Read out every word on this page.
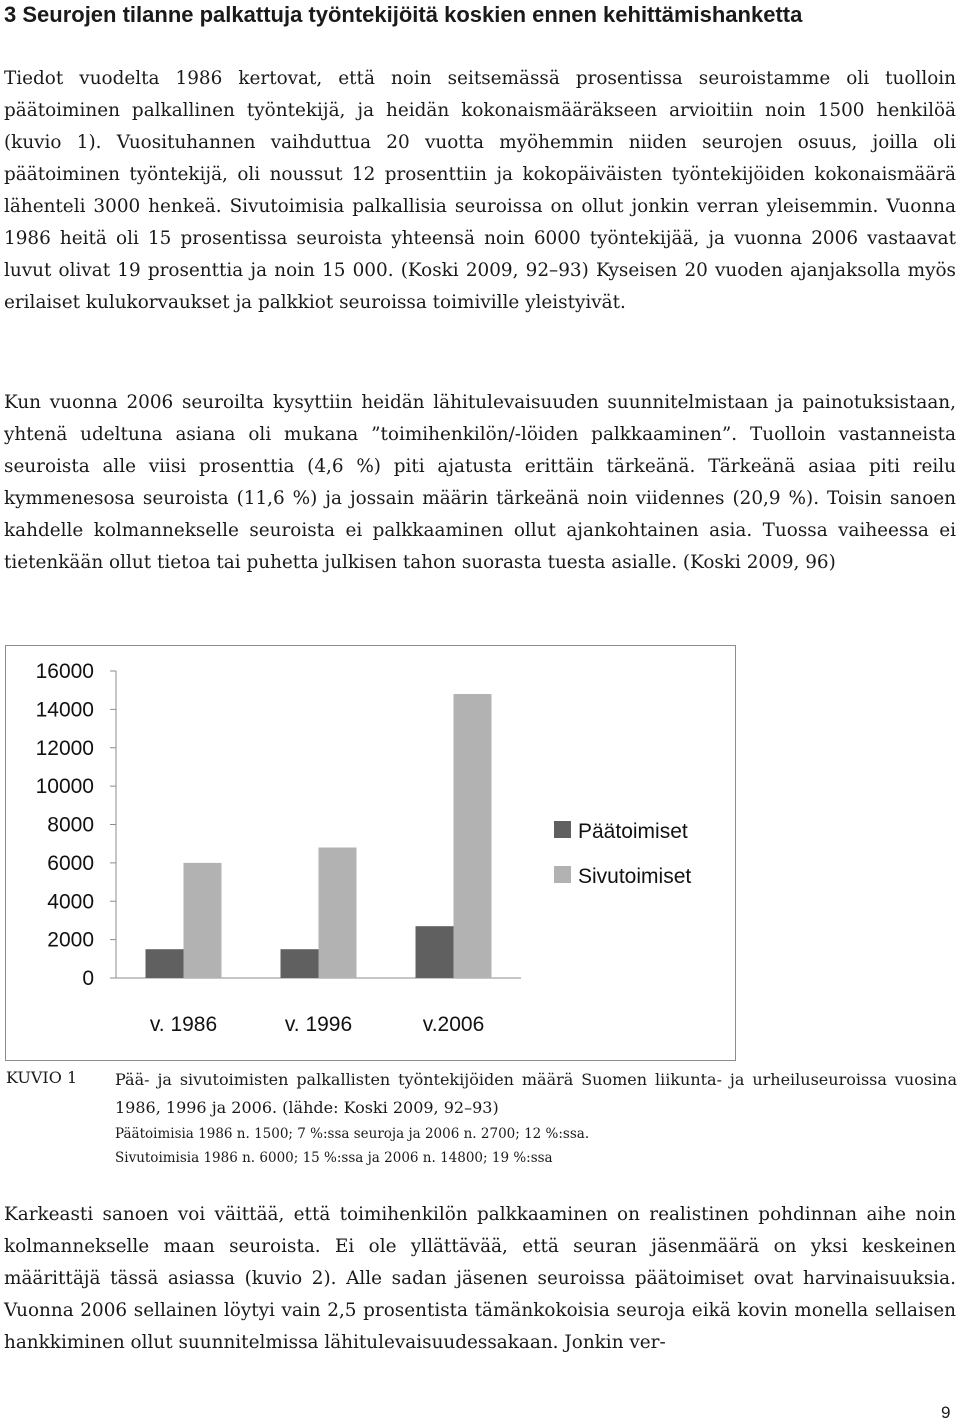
3 Seurojen tilanne palkattuja työntekijöitä koskien ennen kehittämishanketta

Tiedot vuodelta 1986 kertovat, että noin seitsemässä prosentissa seuroistamme oli tuolloin päätoiminen palkallinen työntekijä, ja heidän kokonaismääräkseen arvioitiin noin 1500 henkilöä (kuvio 1). Vuosituhannen vaihduttua 20 vuotta myöhemmin niiden seurojen osuus, joilla oli päätoiminen työntekijä, oli noussut 12 prosenttiin ja kokopäiväisten työntekijöiden kokonaismäärä lähenteli 3000 henkeä. Sivutoimisia palkallisia seuroissa on ollut jonkin verran yleisemmin. Vuonna 1986 heitä oli 15 prosentissa seuroista yhteensä noin 6000 työntekijää, ja vuonna 2006 vastaavat luvut olivat 19 prosenttia ja noin 15 000. (Koski 2009, 92–93) Kyseisen 20 vuoden ajanjaksolla myös erilaiset kulukorvaukset ja palkkiot seuroissa toimiville yleistyivät.

Kun vuonna 2006 seuroilta kysyttiin heidän lähitulevaisuuden suunnitelmistaan ja painotuksistaan, yhtenä udeltuna asiana oli mukana ”toimihenkilön/-löiden palkkaaminen”. Tuolloin vastanneista seuroista alle viisi prosenttia (4,6 %) piti ajatusta erittäin tärkeänä. Tärkeänä asiaa piti reilu kymmenesosa seuroista (11,6 %) ja jossain määrin tärkeänä noin viidennes (20,9 %). Toisin sanoen kahdelle kolmannekselle seuroista ei palkkaaminen ollut ajankohtainen asia. Tuossa vaiheessa ei tietenkään ollut tietoa tai puhetta julkisen tahon suorasta tuesta asialle. (Koski 2009, 96)

16000
14000
12000
10000
8000
6000
4000
2000
0
v. 1986	v. 1996	v.2006
Päätoimiset
Sivutoimiset
KUVIO 1 Pää- ja sivutoimisten palkallisten työntekijöiden määrä Suomen liikunta- ja urheiluseuroissa vuosina 1986, 1996 ja 2006. (lähde: Koski 2009, 92–93)

Päätoimisia 1986 n. 1500; 7 %:ssa seuroja ja 2006 n. 2700; 12 %:ssa.

Sivutoimisia 1986 n. 6000; 15 %:ssa ja 2006 n. 14800; 19 %:ssa

Karkeasti sanoen voi väittää, että toimihenkilön palkkaaminen on realistinen pohdinnan aihe noin kolmannekselle maan seuroista. Ei ole yllättävää, että seuran jäsenmäärä on yksi keskeinen määrittäjä tässä asiassa (kuvio 2). Alle sadan jäsenen seuroissa päätoimiset ovat harvinaisuuksia. Vuonna 2006 sellainen löytyi vain 2,5 prosentista tämänkokoisia seuroja eikä kovin monella sellaisen hankkiminen ollut suunnitelmissa lähitulevaisuudessakaan. Jonkin ver-

9
